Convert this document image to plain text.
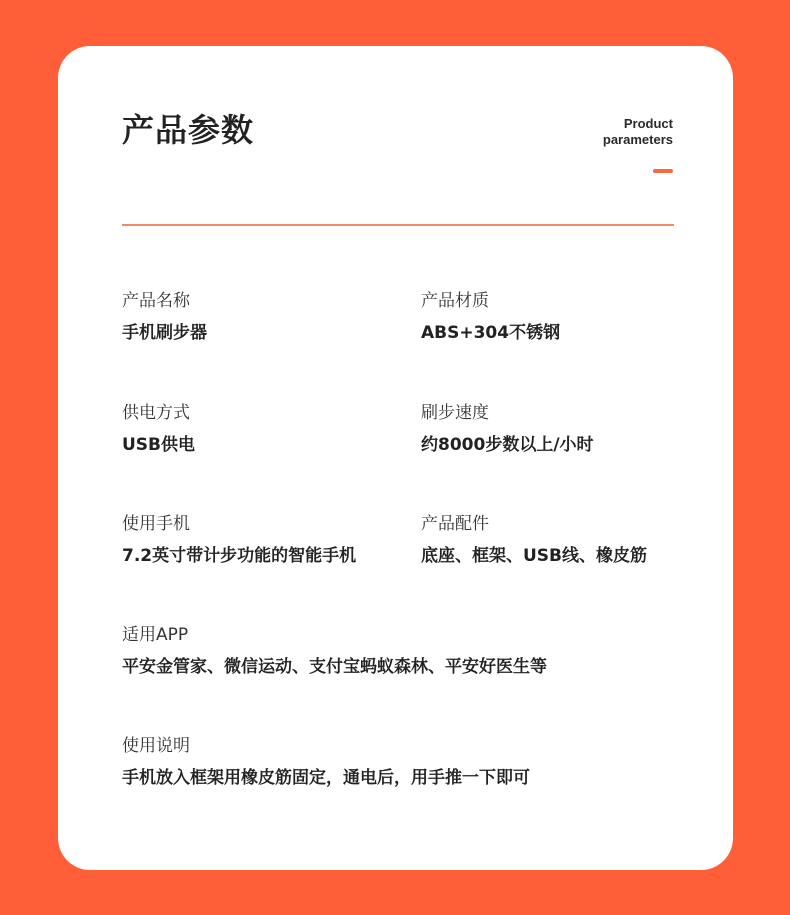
产品参数	Product
parameters
产品名称
手机刷步器
产品材质
ABS+304不锈钢
供电方式
USB供电
刷步速度
约8000步数以上/小时
使用手机
7.2英寸带计步功能的智能手机
产品配件
底座、框架、USB线、橡皮筋
适用APP
平安金管家、微信运动、支付宝蚂蚁森林、平安好医生等
使用说明
手机放入框架用橡皮筋固定，通电后，用手推一下即可
